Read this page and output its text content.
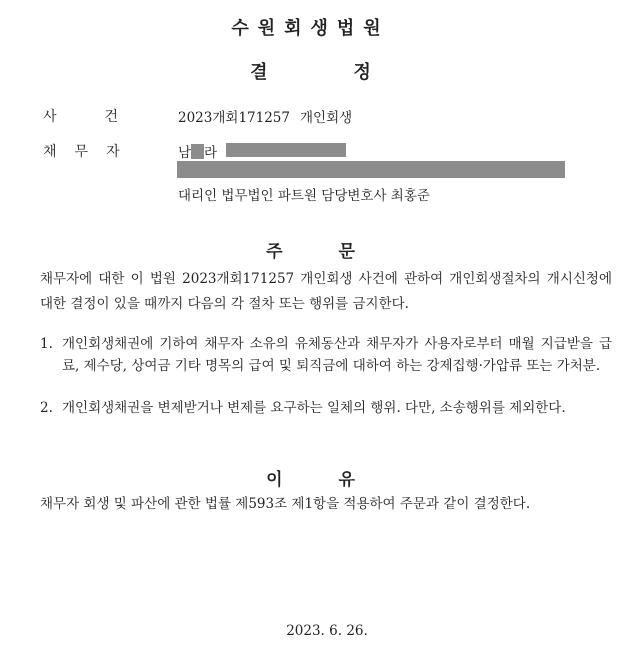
수원회생법원
결	정
사	건	2023개회171257 개인회생
채 무 자	남 라
대리인 법무법인 파트원 담당변호사 최홍준
주	문
채무자에 대한 이 법원 2023개회171257 개인회생 사건에 관하여 개인회생절차의 개시신청에 대한 결정이 있을 때까지 다음의 각 절차 또는 행위를 금지한다.
1. 개인회생채권에 기하여 채무자 소유의 유체동산과 채무자가 사용자로부터 매월 지급받을 급료, 제수당, 상여금 기타 명목의 급여 및 퇴직금에 대하여 하는 강제집행·가압류 또는 가처분.
2. 개인회생채권을 변제받거나 변제를 요구하는 일체의 행위. 다만, 소송행위를 제외한다.
이	유
채무자 회생 및 파산에 관한 법률 제593조 제1항을 적용하여 주문과 같이 결정한다.
2023. 6. 26.
